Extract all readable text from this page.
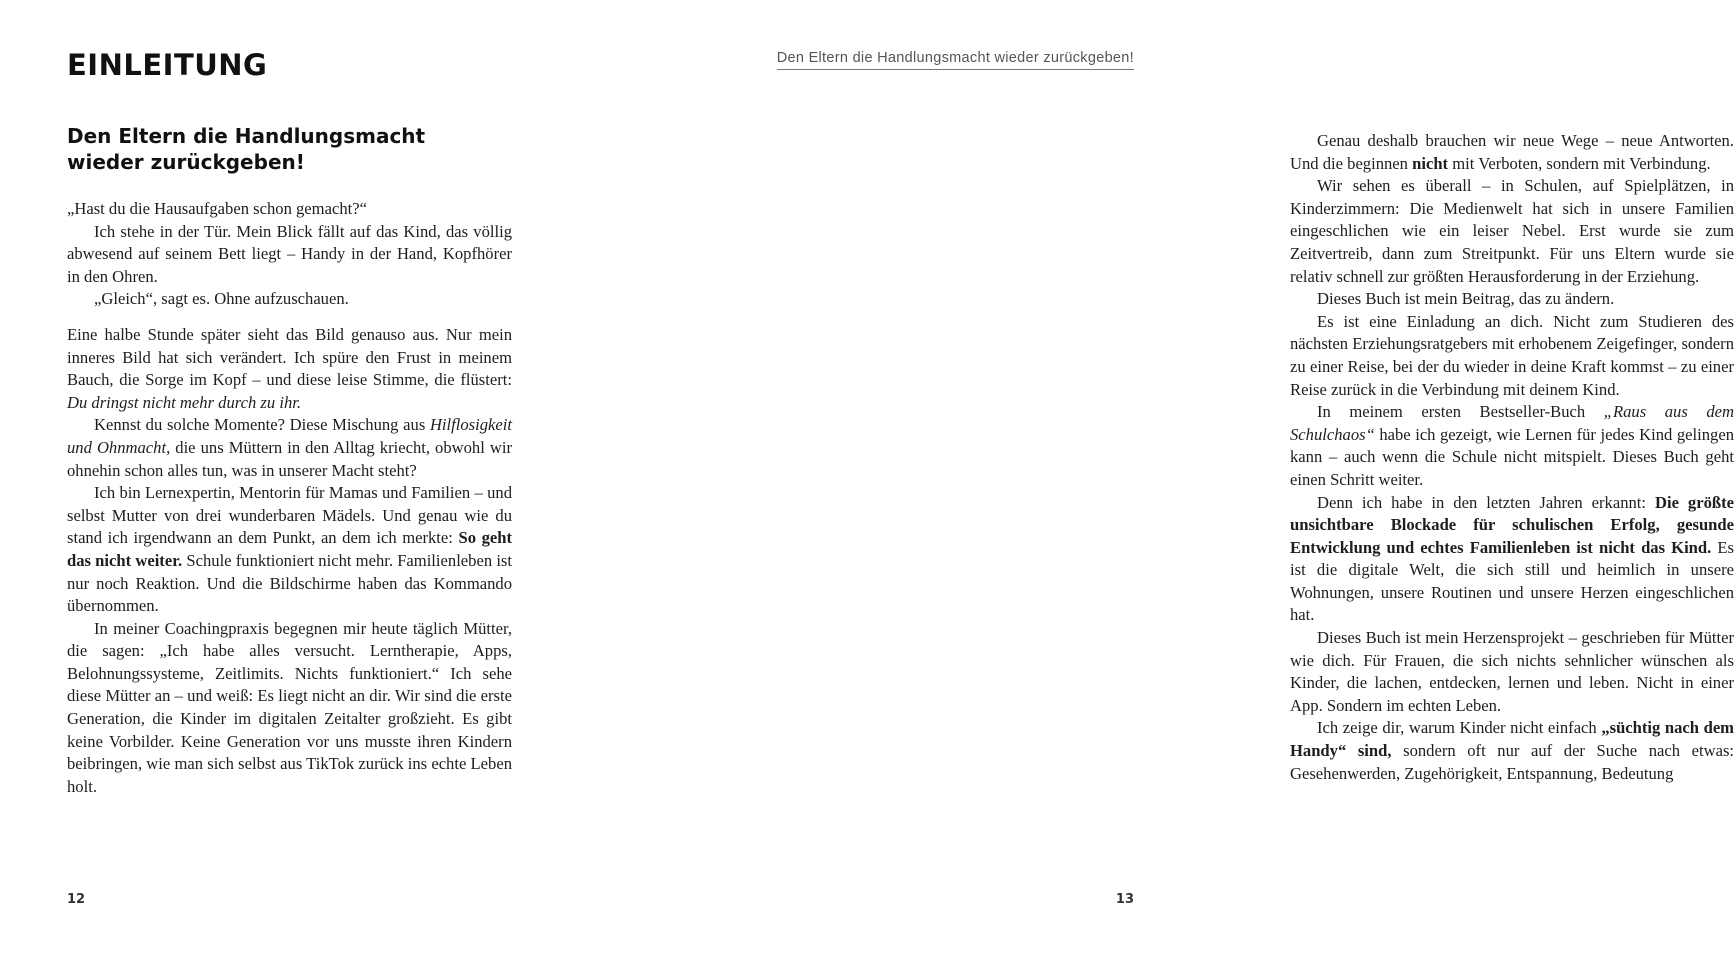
EINLEITUNG
Den Eltern die Handlungsmacht
wieder zurückgeben!

„Hast du die Hausaufgaben schon gemacht?“

Ich stehe in der Tür. Mein Blick fällt auf das Kind, das völlig abwesend auf seinem Bett liegt – Handy in der Hand, Kopfhörer in den Ohren.

„Gleich“, sagt es. Ohne aufzuschauen.

Eine halbe Stunde später sieht das Bild genauso aus. Nur mein inneres Bild hat sich verändert. Ich spüre den Frust in meinem Bauch, die Sorge im Kopf – und diese leise Stimme, die flüstert: Du dringst nicht mehr durch zu ihr.

Kennst du solche Momente? Diese Mischung aus Hilflosigkeit und Ohnmacht, die uns Müttern in den Alltag kriecht, obwohl wir ohnehin schon alles tun, was in unserer Macht steht?

Ich bin Lernexpertin, Mentorin für Mamas und Familien – und selbst Mutter von drei wunderbaren Mädels. Und genau wie du stand ich irgendwann an dem Punkt, an dem ich merkte: So geht das nicht weiter. Schule funktioniert nicht mehr. Familienleben ist nur noch Reaktion. Und die Bildschirme haben das Kommando übernommen.

In meiner Coachingpraxis begegnen mir heute täglich Mütter, die sagen: „Ich habe alles versucht. Lerntherapie, Apps, Belohnungssysteme, Zeitlimits. Nichts funktioniert.“ Ich sehe diese Mütter an – und weiß: Es liegt nicht an dir. Wir sind die erste Generation, die Kinder im digitalen Zeitalter großzieht. Es gibt keine Vorbilder. Keine Generation vor uns musste ihren Kindern beibringen, wie man sich selbst aus TikTok zurück ins echte Leben holt.

12
Den Eltern die Handlungsmacht wieder zurückgeben!

Genau deshalb brauchen wir neue Wege – neue Antworten. Und die beginnen nicht mit Verboten, sondern mit Verbindung.

Wir sehen es überall – in Schulen, auf Spielplätzen, in Kinderzimmern: Die Medienwelt hat sich in unsere Familien eingeschlichen wie ein leiser Nebel. Erst wurde sie zum Zeitvertreib, dann zum Streitpunkt. Für uns Eltern wurde sie relativ schnell zur größten Herausforderung in der Erziehung.

Dieses Buch ist mein Beitrag, das zu ändern.

Es ist eine Einladung an dich. Nicht zum Studieren des nächsten Erziehungsratgebers mit erhobenem Zeigefinger, sondern zu einer Reise, bei der du wieder in deine Kraft kommst – zu einer Reise zurück in die Verbindung mit deinem Kind.

In meinem ersten Bestseller-Buch „Raus aus dem Schulchaos“ habe ich gezeigt, wie Lernen für jedes Kind gelingen kann – auch wenn die Schule nicht mitspielt. Dieses Buch geht einen Schritt weiter.

Denn ich habe in den letzten Jahren erkannt: Die größte unsichtbare Blockade für schulischen Erfolg, gesunde Entwicklung und echtes Familienleben ist nicht das Kind. Es ist die digitale Welt, die sich still und heimlich in unsere Wohnungen, unsere Routinen und unsere Herzen eingeschlichen hat.

Dieses Buch ist mein Herzensprojekt – geschrieben für Mütter wie dich. Für Frauen, die sich nichts sehnlicher wünschen als Kinder, die lachen, entdecken, lernen und leben. Nicht in einer App. Sondern im echten Leben.

Ich zeige dir, warum Kinder nicht einfach „süchtig nach dem Handy“ sind, sondern oft nur auf der Suche nach etwas: Gesehenwerden, Zugehörigkeit, Entspannung, Bedeutung

13
